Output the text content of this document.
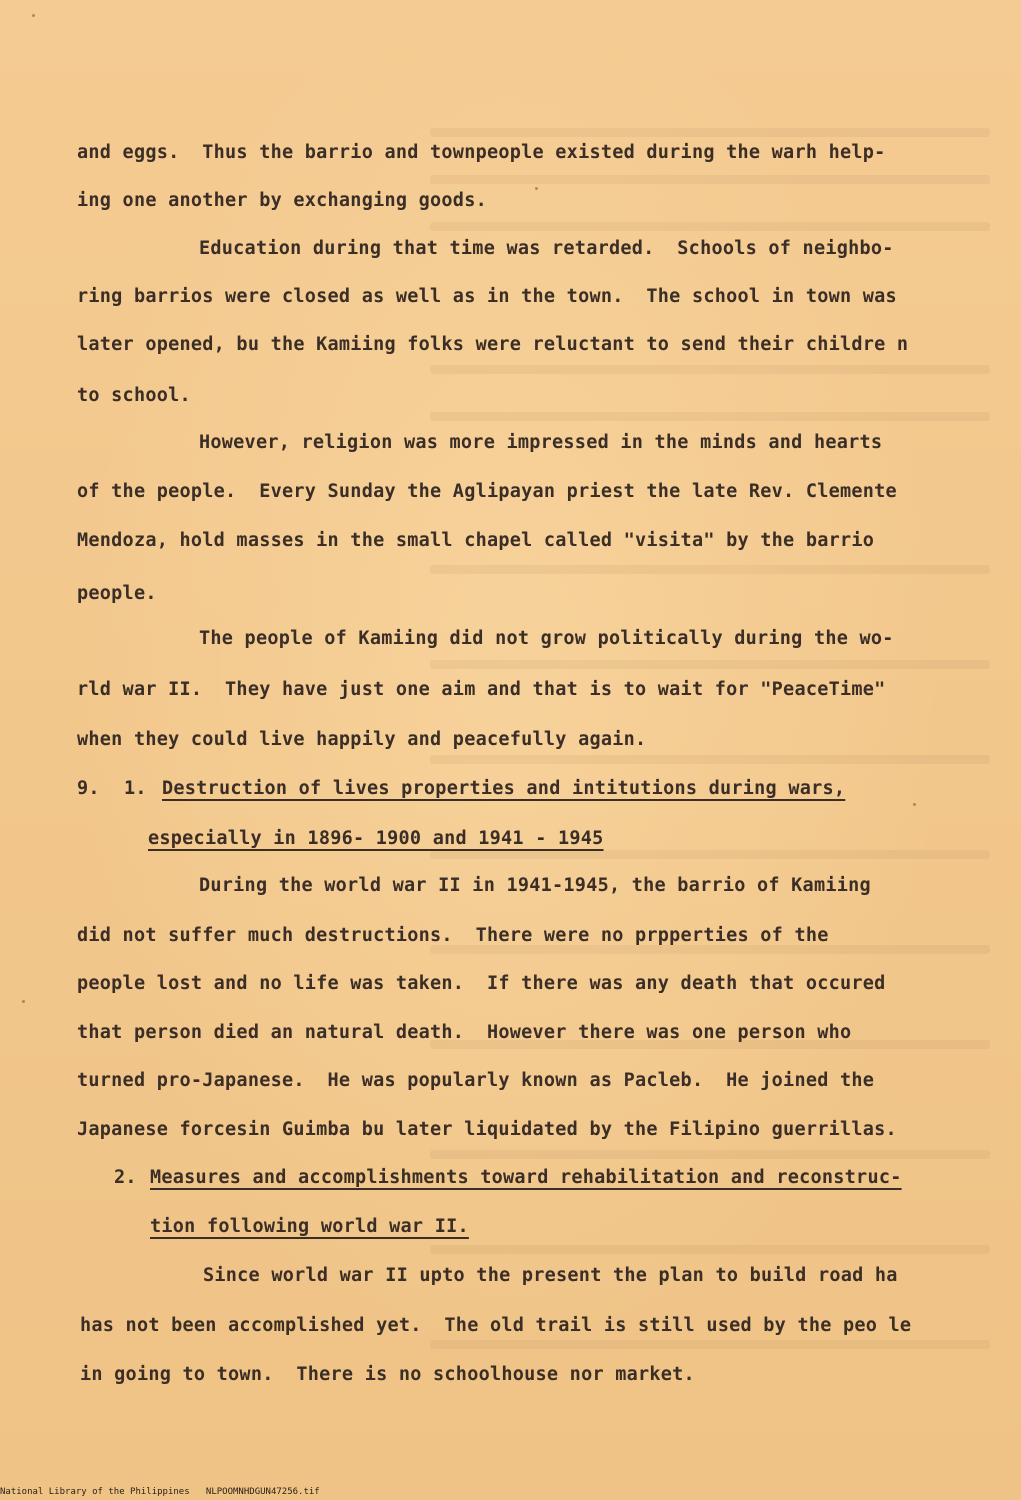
and eggs.  Thus the barrio and townpeople existed during the warh help-
ing one another by exchanging goods.
Education during that time was retarded.  Schools of neighbo-
ring barrios were closed as well as in the town.  The school in town was
later opened, bu the Kamiing folks were reluctant to send their childre n
to school.
However, religion was more impressed in the minds and hearts
of the people.  Every Sunday the Aglipayan priest the late Rev. Clemente
Mendoza, hold masses in the small chapel called "visita" by the barrio
people.
The people of Kamiing did not grow politically during the wo-
rld war II.  They have just one aim and that is to wait for "PeaceTime"
when they could live happily and peacefully again.
9. 1. Destruction of lives properties and intitutions during wars,
especially in 1896- 1900 and 1941 - 1945
During the world war II in 1941-1945, the barrio of Kamiing
did not suffer much destructions.  There were no prpperties of the
people lost and no life was taken.  If there was any death that occured
that person died an natural death.  However there was one person who
turned pro-Japanese.  He was popularly known as Pacleb.  He joined the
Japanese forcesin Guimba bu later liquidated by the Filipino guerrillas.
2. Measures and accomplishments toward rehabilitation and reconstruc-
tion following world war II.
Since world war II upto the present the plan to build road ha
has not been accomplished yet.  The old trail is still used by the peo le
in going to town.  There is no schoolhouse nor market.
National Library of the Philippines NLPOOMNHDGUN47256.tif
